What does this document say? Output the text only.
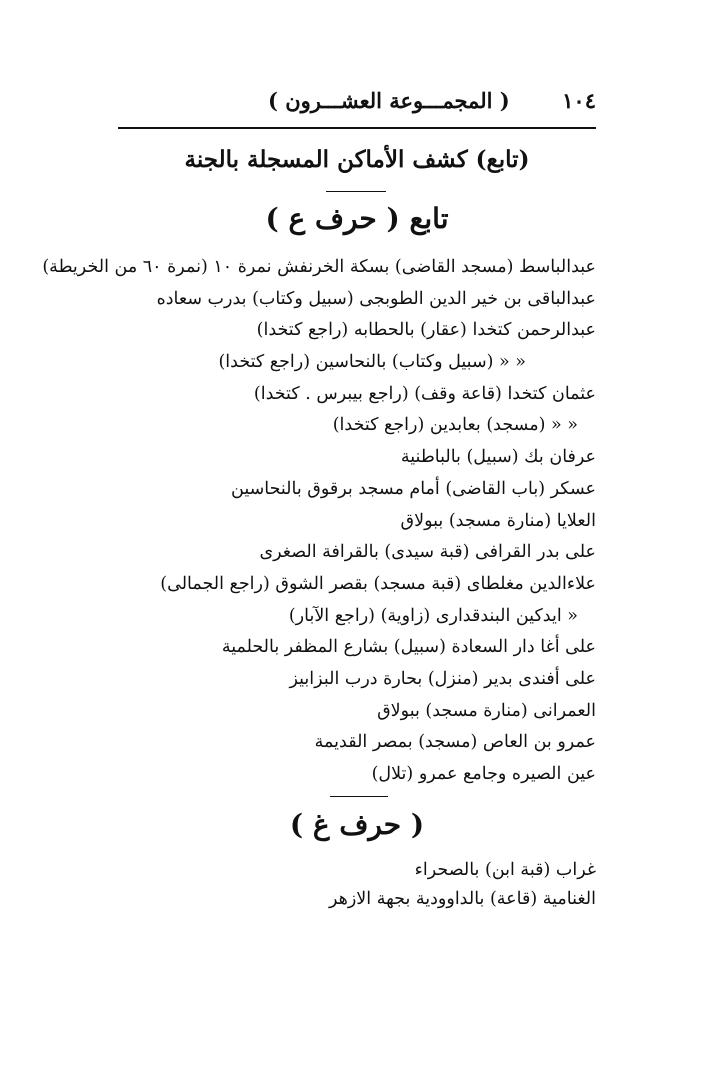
١٠٤
( المجمـــوعة العشـــرون )
(تابع) كشف الأماكن المسجلة بالجنة
تابع ( حرف ع )
عبدالباسط (مسجد القاضى) بسكة الخرنفش نمرة ١٠ (نمرة ٦٠ من الخريطة)
عبدالباقى بن خير الدين الطوبجى (سبيل وكتاب) بدرب سعاده
عبدالرحمن كتخدا (عقار) بالحطابه (راجع كتخدا)
« « (سبيل وكتاب) بالنحاسين (راجع كتخدا)
عثمان كتخدا (قاعة وقف) (راجع بيبرس . كتخدا)
« « (مسجد) بعابدين (راجع كتخدا)
عرفان بك (سبيل) بالباطنية
عسكر (باب القاضى) أمام مسجد برقوق بالنحاسين
العلايا (منارة مسجد) ببولاق
على بدر القرافى (قبة سيدى) بالقرافة الصغرى
علاءالدين مغلطاى (قبة مسجد) بقصر الشوق (راجع الجمالى)
« ايدكين البندقدارى (زاوية) (راجع الآبار)
على أغا دار السعادة (سبيل) بشارع المظفر بالحلمية
على أفندى بدير (منزل) بحارة درب البزابيز
العمرانى (منارة مسجد) ببولاق
عمرو بن العاص (مسجد) بمصر القديمة
عين الصيره وجامع عمرو (تلال)
( حرف غ )
غراب (قبة ابن) بالصحراء
الغنامية (قاعة) بالداوودية بجهة الازهر
